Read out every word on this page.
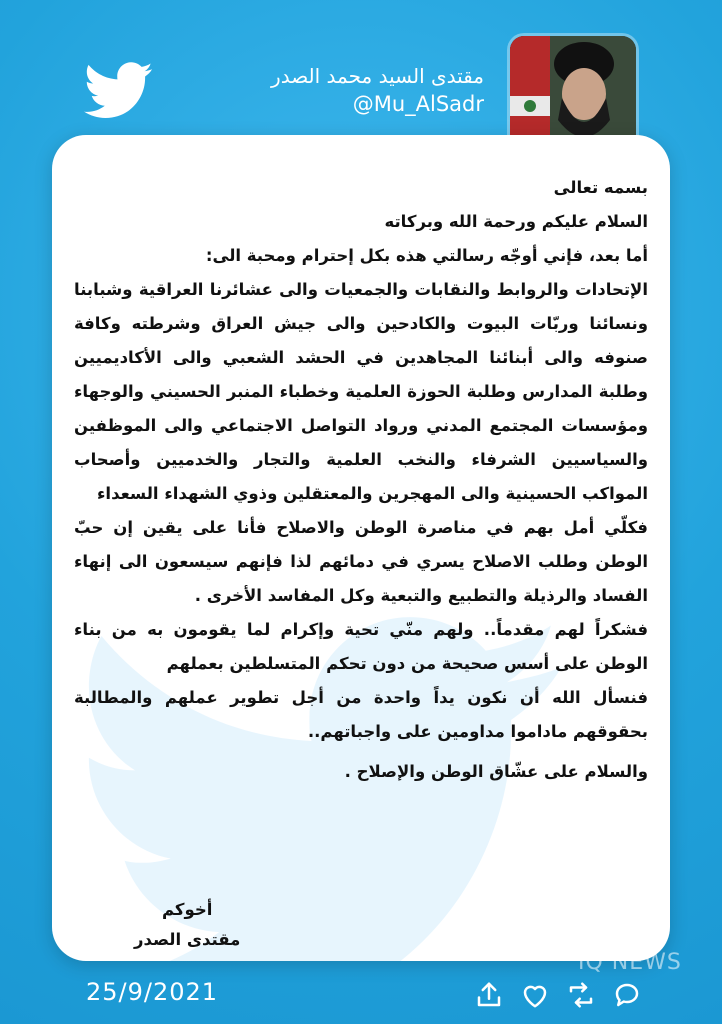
مقتدى السيد محمد الصدر
@Mu_AlSadr

بسمه تعالى

السلام عليكم ورحمة الله وبركاته

أما بعد، فإني أوجّه رسالتي هذه بكل إحترام ومحبة الى:

الإتحادات والروابط والنقابات والجمعيات والى عشائرنا العراقية وشبابنا ونسائنا وربّات البيوت والكادحين والى جيش العراق وشرطته وكافة صنوفه والى أبنائنا المجاهدين في الحشد الشعبي والى الأكاديميين وطلبة المدارس وطلبة الحوزة العلمية وخطباء المنبر الحسيني والوجهاء ومؤسسات المجتمع المدني ورواد التواصل الاجتماعي والى الموظفين والسياسيين الشرفاء والنخب العلمية والتجار والخدميين وأصحاب المواكب الحسينية والى المهجرين والمعتقلين وذوي الشهداء السعداء

فكلّي أمل بهم في مناصرة الوطن والاصلاح فأنا على يقين إن حبّ الوطن وطلب الاصلاح يسري في دمائهم لذا فإنهم سيسعون الى إنهاء الفساد والرذيلة والتطبيع والتبعية وكل المفاسد الأخرى .

فشكراً لهم مقدماً.. ولهم منّي تحية وإكرام لما يقومون به من بناء الوطن على أسس صحيحة من دون تحكم المتسلطين بعملهم

فنسأل الله أن نكون يداً واحدة من أجل تطوير عملهم والمطالبة بحقوقهم ماداموا مداومين على واجباتهم..

والسلام على عشّاق الوطن والإصلاح .

أخوكم
مقتدى الصدر
IQ NEWS
25/9/2021
